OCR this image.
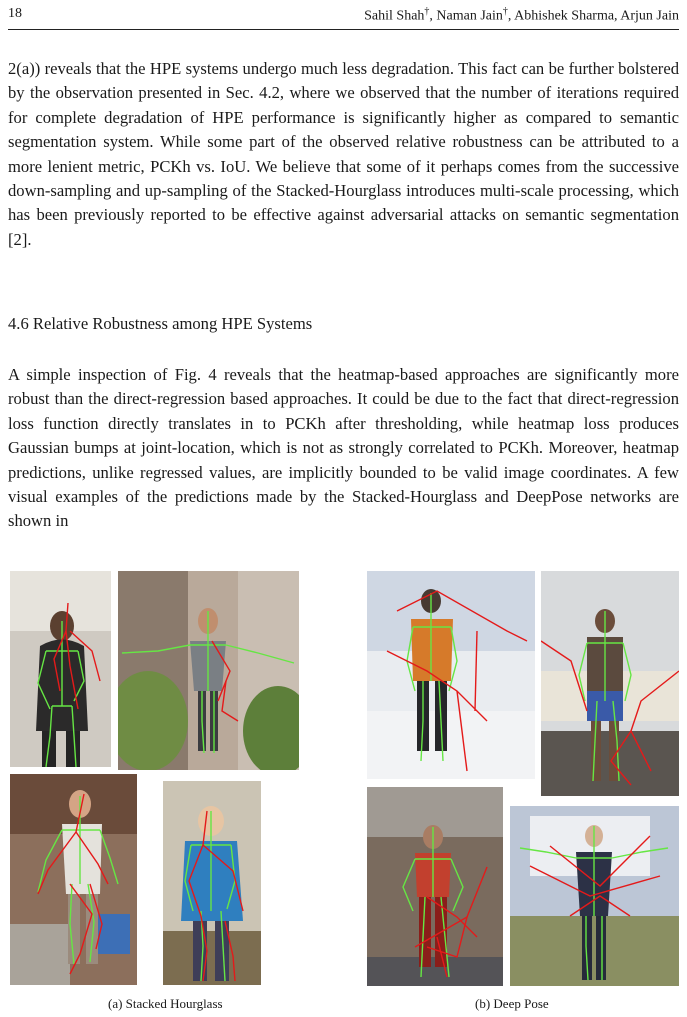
18	Sahil Shah†, Naman Jain†, Abhishek Sharma, Arjun Jain

2(a)) reveals that the HPE systems undergo much less degradation. This fact can be further bolstered by the observation presented in Sec. 4.2, where we observed that the number of iterations required for complete degradation of HPE performance is significantly higher as compared to semantic segmentation system. While some part of the observed relative robustness can be attributed to a more lenient metric, PCKh vs. IoU. We believe that some of it perhaps comes from the successive down-sampling and up-sampling of the Stacked-Hourglass introduces multi-scale processing, which has been previously reported to be effective against adversarial attacks on semantic segmentation [2].

4.6 Relative Robustness among HPE Systems

A simple inspection of Fig. 4 reveals that the heatmap-based approaches are significantly more robust than the direct-regression based approaches. It could be due to the fact that direct-regression loss function directly translates in to PCKh after thresholding, while heatmap loss produces Gaussian bumps at joint-location, which is not as strongly correlated to PCKh. Moreover, heatmap predictions, unlike regressed values, are implicitly bounded to be valid image coordinates. A few visual examples of the predictions made by the Stacked-Hourglass and DeepPose networks are shown in

(a) Stacked Hourglass	(b) Deep Pose
